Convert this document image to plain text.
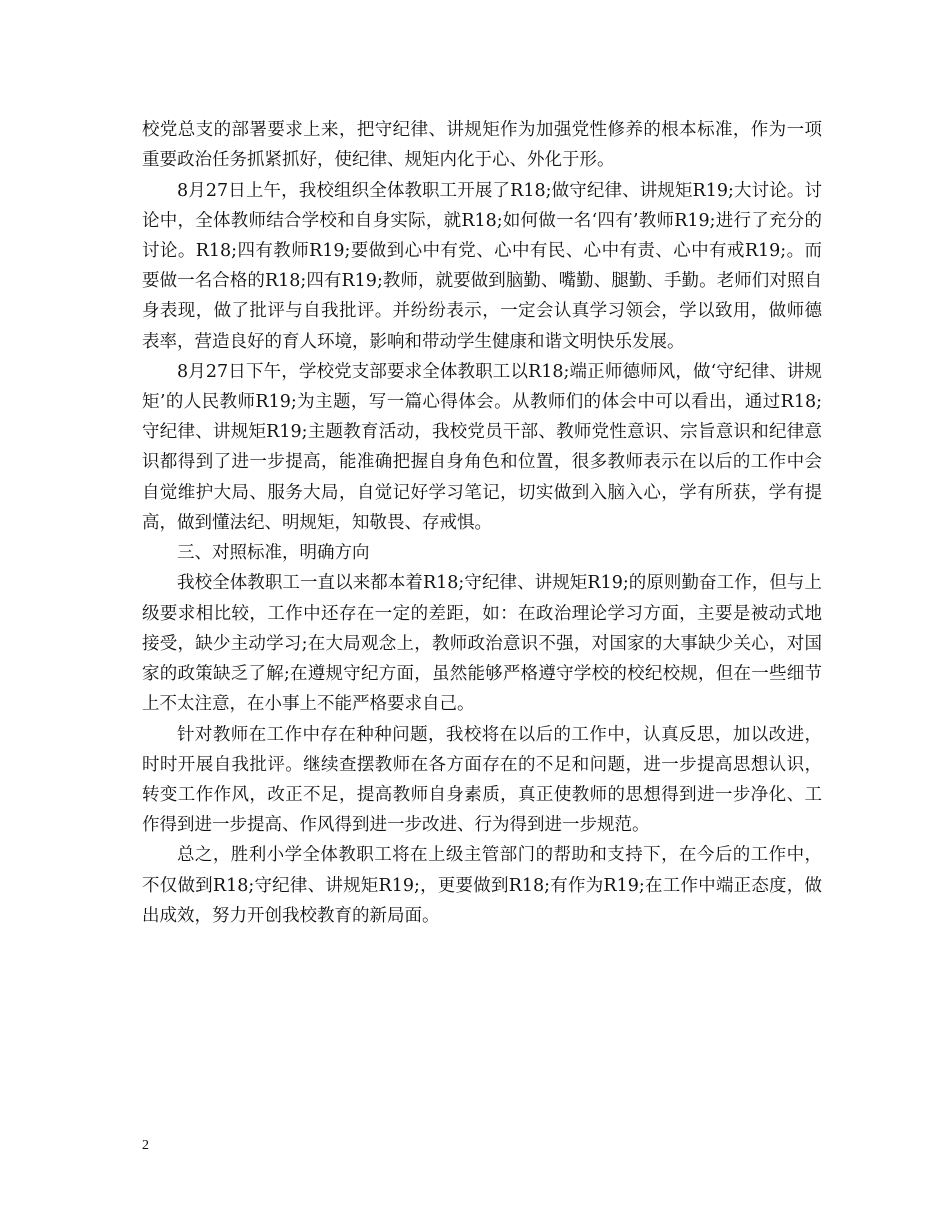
校党总支的部署要求上来，把守纪律、讲规矩作为加强党性修养的根本标准，作为一项重要政治任务抓紧抓好，使纪律、规矩内化于心、外化于形。

8月27日上午，我校组织全体教职工开展了R18;做守纪律、讲规矩R19;大讨论。讨论中，全体教师结合学校和自身实际，就R18;如何做一名‘四有’教师R19;进行了充分的讨论。R18;四有教师R19;要做到心中有党、心中有民、心中有责、心中有戒R19;。而要做一名合格的R18;四有R19;教师，就要做到脑勤、嘴勤、腿勤、手勤。老师们对照自身表现，做了批评与自我批评。并纷纷表示，一定会认真学习领会，学以致用，做师德表率，营造良好的育人环境，影响和带动学生健康和谐文明快乐发展。

8月27日下午，学校党支部要求全体教职工以R18;端正师德师风，做‘守纪律、讲规矩’的人民教师R19;为主题，写一篇心得体会。从教师们的体会中可以看出，通过R18;守纪律、讲规矩R19;主题教育活动，我校党员干部、教师党性意识、宗旨意识和纪律意识都得到了进一步提高，能准确把握自身角色和位置，很多教师表示在以后的工作中会自觉维护大局、服务大局，自觉记好学习笔记，切实做到入脑入心，学有所获，学有提高，做到懂法纪、明规矩，知敬畏、存戒惧。

三、对照标准，明确方向

我校全体教职工一直以来都本着R18;守纪律、讲规矩R19;的原则勤奋工作，但与上级要求相比较，工作中还存在一定的差距，如：在政治理论学习方面，主要是被动式地接受，缺少主动学习;在大局观念上，教师政治意识不强，对国家的大事缺少关心，对国家的政策缺乏了解;在遵规守纪方面，虽然能够严格遵守学校的校纪校规，但在一些细节上不太注意，在小事上不能严格要求自己。

针对教师在工作中存在种种问题，我校将在以后的工作中，认真反思，加以改进，时时开展自我批评。继续查摆教师在各方面存在的不足和问题，进一步提高思想认识，转变工作作风，改正不足，提高教师自身素质，真正使教师的思想得到进一步净化、工作得到进一步提高、作风得到进一步改进、行为得到进一步规范。

总之，胜利小学全体教职工将在上级主管部门的帮助和支持下，在今后的工作中，不仅做到R18;守纪律、讲规矩R19;，更要做到R18;有作为R19;在工作中端正态度，做出成效，努力开创我校教育的新局面。

2
